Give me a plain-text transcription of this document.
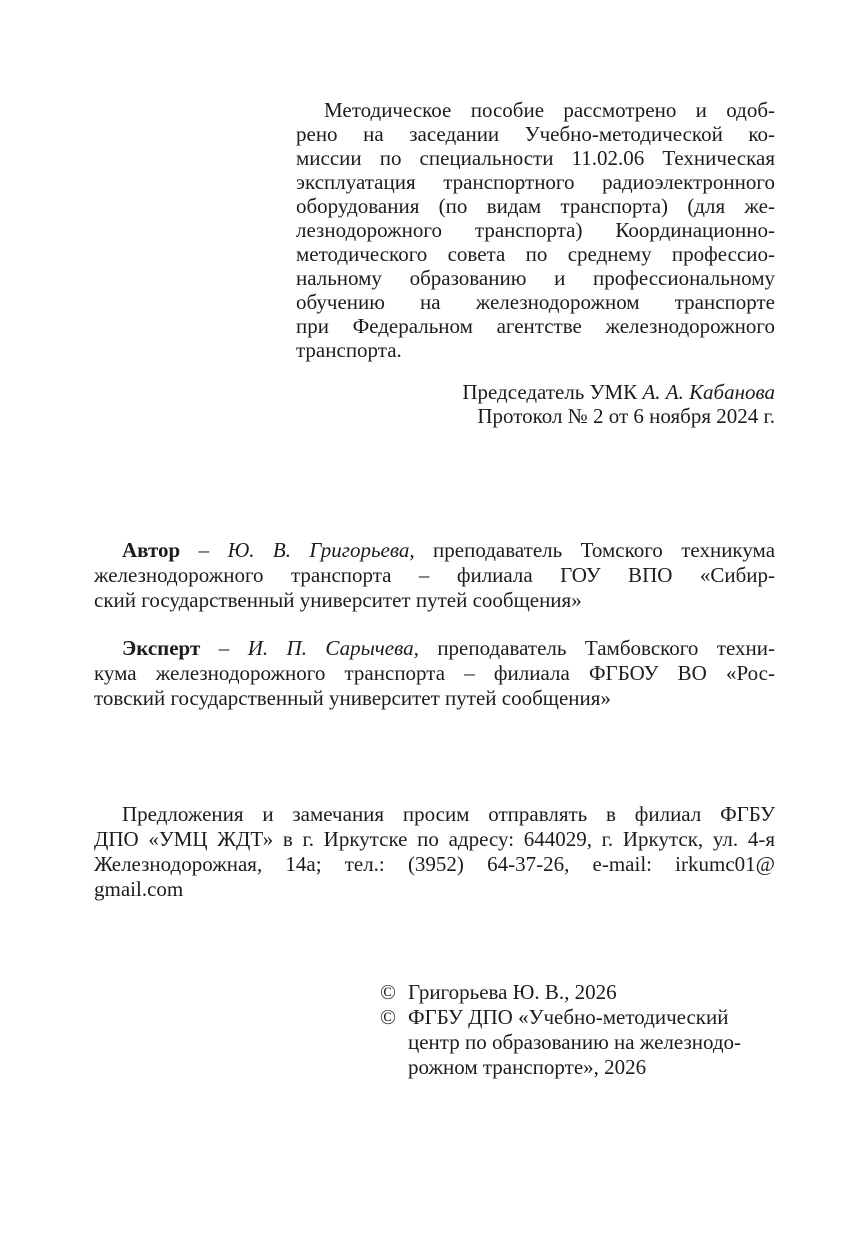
Методическое пособие рассмотрено и одоб-
рено на заседании Учебно-методической ко-
миссии по специальности 11.02.06 Техническая
эксплуатация транспортного радиоэлектронного
оборудования (по видам транспорта) (для же-
лезнодорожного транспорта) Координационно-
методического совета по среднему профессио-
нальному образованию и профессиональному
обучению на железнодорожном транспорте
при Федеральном агентстве железнодорожного
транспорта.
Председатель УМК А. А. Кабанова
Протокол № 2 от 6 ноября 2024 г.
Автор – Ю. В. Григорьева, преподаватель Томского техникума
железнодорожного транспорта – филиала ГОУ ВПО «Сибир-
ский государственный университет путей сообщения»
Эксперт – И. П. Сарычева, преподаватель Тамбовского техни-
кума железнодорожного транспорта – филиала ФГБОУ ВО «Рос-
товский государственный университет путей сообщения»
Предложения и замечания просим отправлять в филиал ФГБУ
ДПО «УМЦ ЖДТ» в г. Иркутске по адресу: 644029, г. Иркутск, ул. 4-я
Железнодорожная, 14а; тел.: (3952) 64-37-26, e-mail: irkumc01@
gmail.com
© Григорьева Ю. В., 2026
© ФГБУ ДПО «Учебно-методический
центр по образованию на железнодо-
рожном транспорте», 2026
